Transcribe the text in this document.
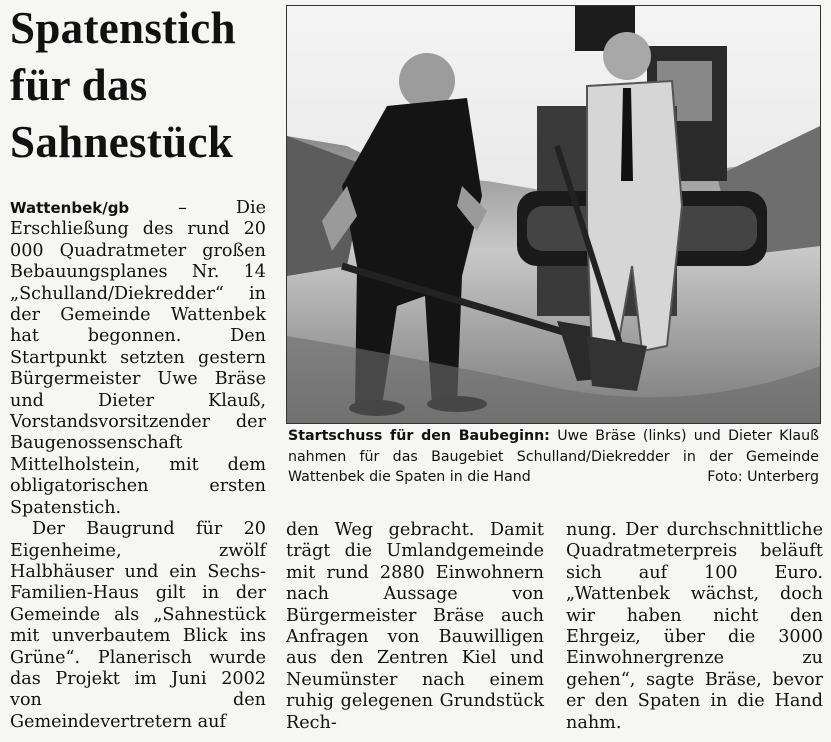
Spatenstich
für das
Sahnestück

Wattenbek/gb	– Die Erschließung des rund 20 000 Quadratmeter großen Bebauungsplanes Nr. 14 „Schulland/Diekredder“ in der Gemeinde Wattenbek hat begonnen. Den Startpunkt setzten gestern Bürgermeister Uwe Bräse und Dieter Klauß, Vorstandsvorsitzender der Baugenossenschaft Mittelholstein, mit dem obligatorischen ersten Spatenstich.

Der Baugrund für 20 Eigenheime, zwölf Halbhäuser und ein Sechs-Familien-Haus gilt in der Gemeinde als „Sahnestück mit unverbautem Blick ins Grüne“. Planerisch wurde das Projekt im Juni 2002 von den Gemeindevertretern auf

Startschuss für den Baubeginn: Uwe Bräse (links) und Dieter Klauß nahmen für das Baugebiet Schulland/Diekredder in der Gemeinde Wattenbek die Spaten in die Hand	Foto: Unterberg

den Weg gebracht. Damit trägt die Umlandgemeinde mit rund 2880 Einwohnern nach Aussage von Bürgermeister Bräse auch Anfragen von Bauwilligen aus den Zentren Kiel und Neumünster nach einem ruhig gelegenen Grundstück Rech-

nung. Der durchschnittliche Quadratmeterpreis beläuft sich auf 100 Euro. „Wattenbek wächst, doch wir haben nicht den Ehrgeiz, über die 3000 Einwohnergrenze zu gehen“, sagte Bräse, bevor er den Spaten in die Hand nahm.
